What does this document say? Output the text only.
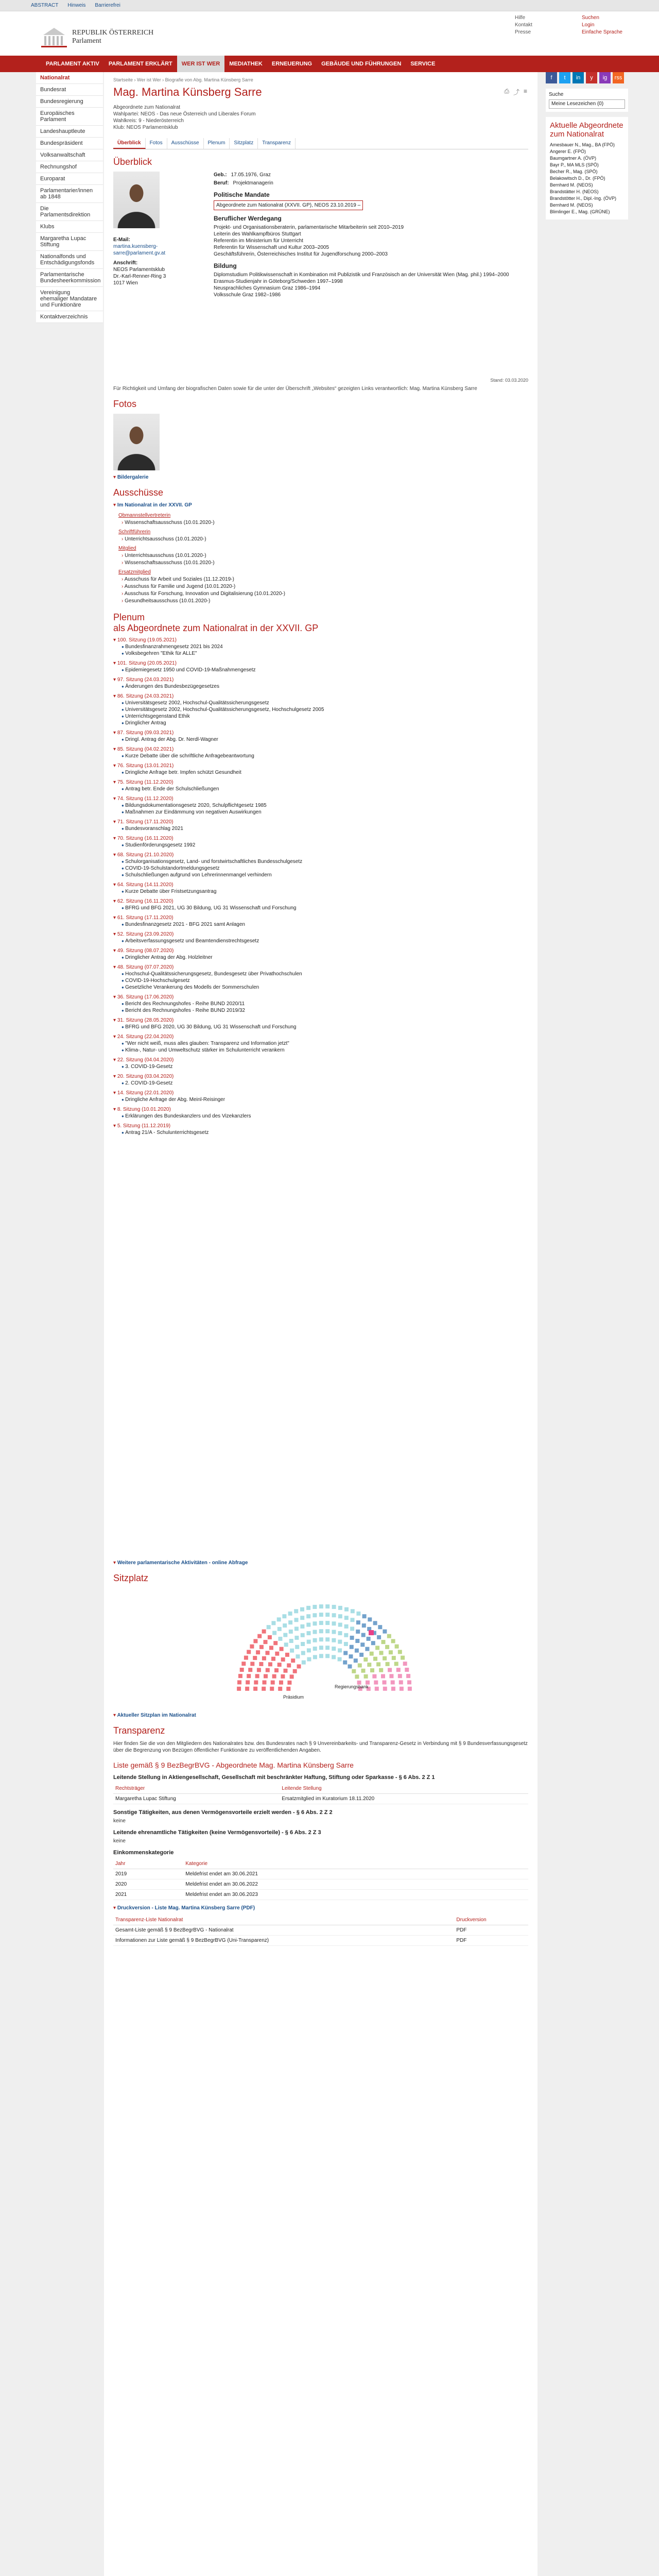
ABSTRACT Hinweis Barrierefrei
REPUBLIK ÖSTERREICH
Parlament
Hilfe
Kontakt
Presse
Suchen
Login
Einfache Sprache
PARLAMENT AKTIV	PARLAMENT ERKLÄRT	WER IST WER	MEDIATHEK	ERNEUERUNG	GEBÄUDE UND FÜHRUNGEN	SERVICE
Nationalrat
Bundesrat
Bundesregierung
Europäisches Parlament
Landeshauptleute
Bundespräsident
Volksanwaltschaft
Rechnungshof
Europarat
Parlamentarier/innen ab 1848
Die Parlamentsdirektion
Klubs
Margaretha Lupac Stiftung
Nationalfonds und Entschädigungsfonds
Parlamentarische Bundesheerkommission
Vereinigung ehemaliger Mandatare und Funktionäre
Kontaktverzeichnis
Startseite › Wer ist Wer › Biografie von Abg. Martina Künsberg Sarre
⎙ ⤴ ≡
Mag. Martina Künsberg Sarre

Abgeordnete zum Nationalrat

Wahlpartei: NEOS - Das neue Österreich und Liberales Forum

Wahlkreis: 9 - Niederösterreich

Klub: NEOS Parlamentsklub

Überblick	Fotos	Ausschüsse	Plenum	Sitzplatz	Transparenz
Überblick
E-Mail:
martina.kuensberg-sarre@parlament.gv.at
Anschrift:
NEOS Parlamentsklub
Dr.-Karl-Renner-Ring 3
1017 Wien
Geb.: 17.05.1976, Graz
Beruf: Projektmanagerin
Politische Mandate
Abgeordnete zum Nationalrat (XXVII. GP), NEOS 23.10.2019 –
Beruflicher Werdegang
Projekt- und Organisationsberaterin, parlamentarische Mitarbeiterin seit 2010–2019
Leiterin des Wahlkampfbüros Stuttgart
Referentin im Ministerium für Unterricht
Referentin für Wissenschaft und Kultur 2003–2005
Geschäftsführerin, Österreichisches Institut für Jugendforschung 2000–2003
Bildung
Diplomstudium Politikwissenschaft in Kombination mit Publizistik und Französisch an der Universität Wien (Mag. phil.) 1994–2000
Erasmus-Studienjahr in Göteborg/Schweden 1997–1998
Neusprachliches Gymnasium Graz 1986–1994
Volksschule Graz 1982–1986
Stand: 03.03.2020

Für Richtigkeit und Umfang der biografischen Daten sowie für die unter der Überschrift „Websites“ gezeigten Links verantwortlich: Mag. Martina Künsberg Sarre

Fotos
▾ Bildergalerie
Ausschüsse
▾ Im Nationalrat in der XXVII. GP
Obmannstellvertreterin
› Wissenschaftsausschuss (10.01.2020-)
Schriftführerin
› Unterrichtsausschuss (10.01.2020-)
Mitglied
› Unterrichtsausschuss (10.01.2020-)
› Wissenschaftsausschuss (10.01.2020-)
Ersatzmitglied
› Ausschuss für Arbeit und Soziales (11.12.2019-)
› Ausschuss für Familie und Jugend (10.01.2020-)
› Ausschuss für Forschung, Innovation und Digitalisierung (10.01.2020-)
› Gesundheitsausschuss (10.01.2020-)
Plenum
als Abgeordnete zum Nationalrat in der XXVII. GP
▾ 100. Sitzung (19.05.2021)
● Bundesfinanzrahmengesetz 2021 bis 2024
● Volksbegehren "Ethik für ALLE"
▾ 101. Sitzung (20.05.2021)
● Epidemiegesetz 1950 und COVID-19-Maßnahmengesetz
▾ 97. Sitzung (24.03.2021)
● Änderungen des Bundesbezügegesetzes
▾ 86. Sitzung (24.03.2021)
● Universitätsgesetz 2002, Hochschul-Qualitätssicherungsgesetz
● Universitätsgesetz 2002, Hochschul-Qualitätssicherungsgesetz, Hochschulgesetz 2005
● Unterrichtsgegenstand Ethik
● Dringlicher Antrag
▾ 87. Sitzung (09.03.2021)
● Dringl. Antrag der Abg. Dr. Nerdl-Wagner
▾ 85. Sitzung (04.02.2021)
● Kurze Debatte über die schriftliche Anfragebeantwortung
▾ 76. Sitzung (13.01.2021)
● Dringliche Anfrage betr. Impfen schützt Gesundheit
▾ 75. Sitzung (11.12.2020)
● Antrag betr. Ende der Schulschließungen
▾ 74. Sitzung (11.12.2020)
● Bildungsdokumentationsgesetz 2020, Schulpflichtgesetz 1985
● Maßnahmen zur Eindämmung von negativen Auswirkungen
▾ 71. Sitzung (17.11.2020)
● Bundesvoranschlag 2021
▾ 70. Sitzung (16.11.2020)
● Studienförderungsgesetz 1992
▾ 68. Sitzung (21.10.2020)
● Schulorganisationsgesetz, Land- und forstwirtschaftliches Bundesschulgesetz
● COVID-19-Schulstandortmeldungsgesetz
● Schulschließungen aufgrund von Lehrerinnenmangel verhindern
▾ 64. Sitzung (14.11.2020)
● Kurze Debatte über Fristsetzungsantrag
▾ 62. Sitzung (16.11.2020)
● BFRG und BFG 2021, UG 30 Bildung, UG 31 Wissenschaft und Forschung
▾ 61. Sitzung (17.11.2020)
● Bundesfinanzgesetz 2021 - BFG 2021 samt Anlagen
▾ 52. Sitzung (23.09.2020)
● Arbeitsverfassungsgesetz und Beamtendienstrechtsgesetz
▾ 49. Sitzung (08.07.2020)
● Dringlicher Antrag der Abg. Holzleitner
▾ 48. Sitzung (07.07.2020)
● Hochschul-Qualitätssicherungsgesetz, Bundesgesetz über Privathochschulen
● COVID-19-Hochschulgesetz
● Gesetzliche Verankerung des Modells der Sommerschulen
▾ 36. Sitzung (17.06.2020)
● Bericht des Rechnungshofes - Reihe BUND 2020/11
● Bericht des Rechnungshofes - Reihe BUND 2019/32
▾ 31. Sitzung (28.05.2020)
● BFRG und BFG 2020, UG 30 Bildung, UG 31 Wissenschaft und Forschung
▾ 24. Sitzung (22.04.2020)
● "Wer nicht weiß, muss alles glauben: Transparenz und Information jetzt"
● Klima-, Natur- und Umweltschutz stärker im Schulunterricht verankern
▾ 22. Sitzung (04.04.2020)
● 3. COVID-19-Gesetz
▾ 20. Sitzung (03.04.2020)
● 2. COVID-19-Gesetz
▾ 14. Sitzung (22.01.2020)
● Dringliche Anfrage der Abg. Meinl-Reisinger
▾ 8. Sitzung (10.01.2020)
● Erklärungen des Bundeskanzlers und des Vizekanzlers
▾ 5. Sitzung (11.12.2019)
● Antrag 21/A - Schulunterrichtsgesetz
▾ Weitere parlamentarische Aktivitäten - online Abfrage
Sitzplatz
Präsidium
Regierungsbank
▾ Aktueller Sitzplan im Nationalrat
Transparenz

Hier finden Sie die von den Mitgliedern des Nationalrates bzw. des Bundesrates nach § 9 Unvereinbarkeits- und Transparenz-Gesetz in Verbindung mit § 9 Bundesverfassungsgesetz über die Begrenzung von Bezügen öffentlicher Funktionäre zu veröffentlichenden Angaben.

Liste gemäß § 9 BezBegrBVG - Abgeordnete Mag. Martina Künsberg Sarre
Leitende Stellung in Aktiengesellschaft, Gesellschaft mit beschränkter Haftung, Stiftung oder Sparkasse - § 6 Abs. 2 Z 1
Rechtsträger	Leitende Stellung
Margaretha Lupac Stiftung	Ersatzmitglied im Kuratorium 18.11.2020
Sonstige Tätigkeiten, aus denen Vermögensvorteile erzielt werden - § 6 Abs. 2 Z 2

keine

Leitende ehrenamtliche Tätigkeiten (keine Vermögensvorteile) - § 6 Abs. 2 Z 3

keine

Einkommenskategorie
Jahr	Kategorie
2019	Meldefrist endet am 30.06.2021
2020	Meldefrist endet am 30.06.2022
2021	Meldefrist endet am 30.06.2023
▾ Druckversion - Liste Mag. Martina Künsberg Sarre (PDF)
Transparenz-Liste Nationalrat	Druckversion
Gesamt-Liste gemäß § 9 BezBegrBVG - Nationalrat	PDF
Informationen zur Liste gemäß § 9 BezBegrBVG (Uni-Transparenz)	PDF
f	t	in	y	ig	rss
Suche
Meine Lesezeichen (0)
Aktuelle Abgeordnete zum Nationalrat
Amesbauer N., Mag., BA (FPÖ)
Angerer E. (FPÖ)
Baumgartner A. (ÖVP)
Bayr P., MA MLS (SPÖ)
Becher R., Mag. (SPÖ)
Belakowitsch D., Dr. (FPÖ)
Bernhard M. (NEOS)
Brandstätter H. (NEOS)
Brandstötter H., Dipl.-Ing. (ÖVP)
Bernhard M. (NEOS)
Blimlinger E., Mag. (GRÜNE)
